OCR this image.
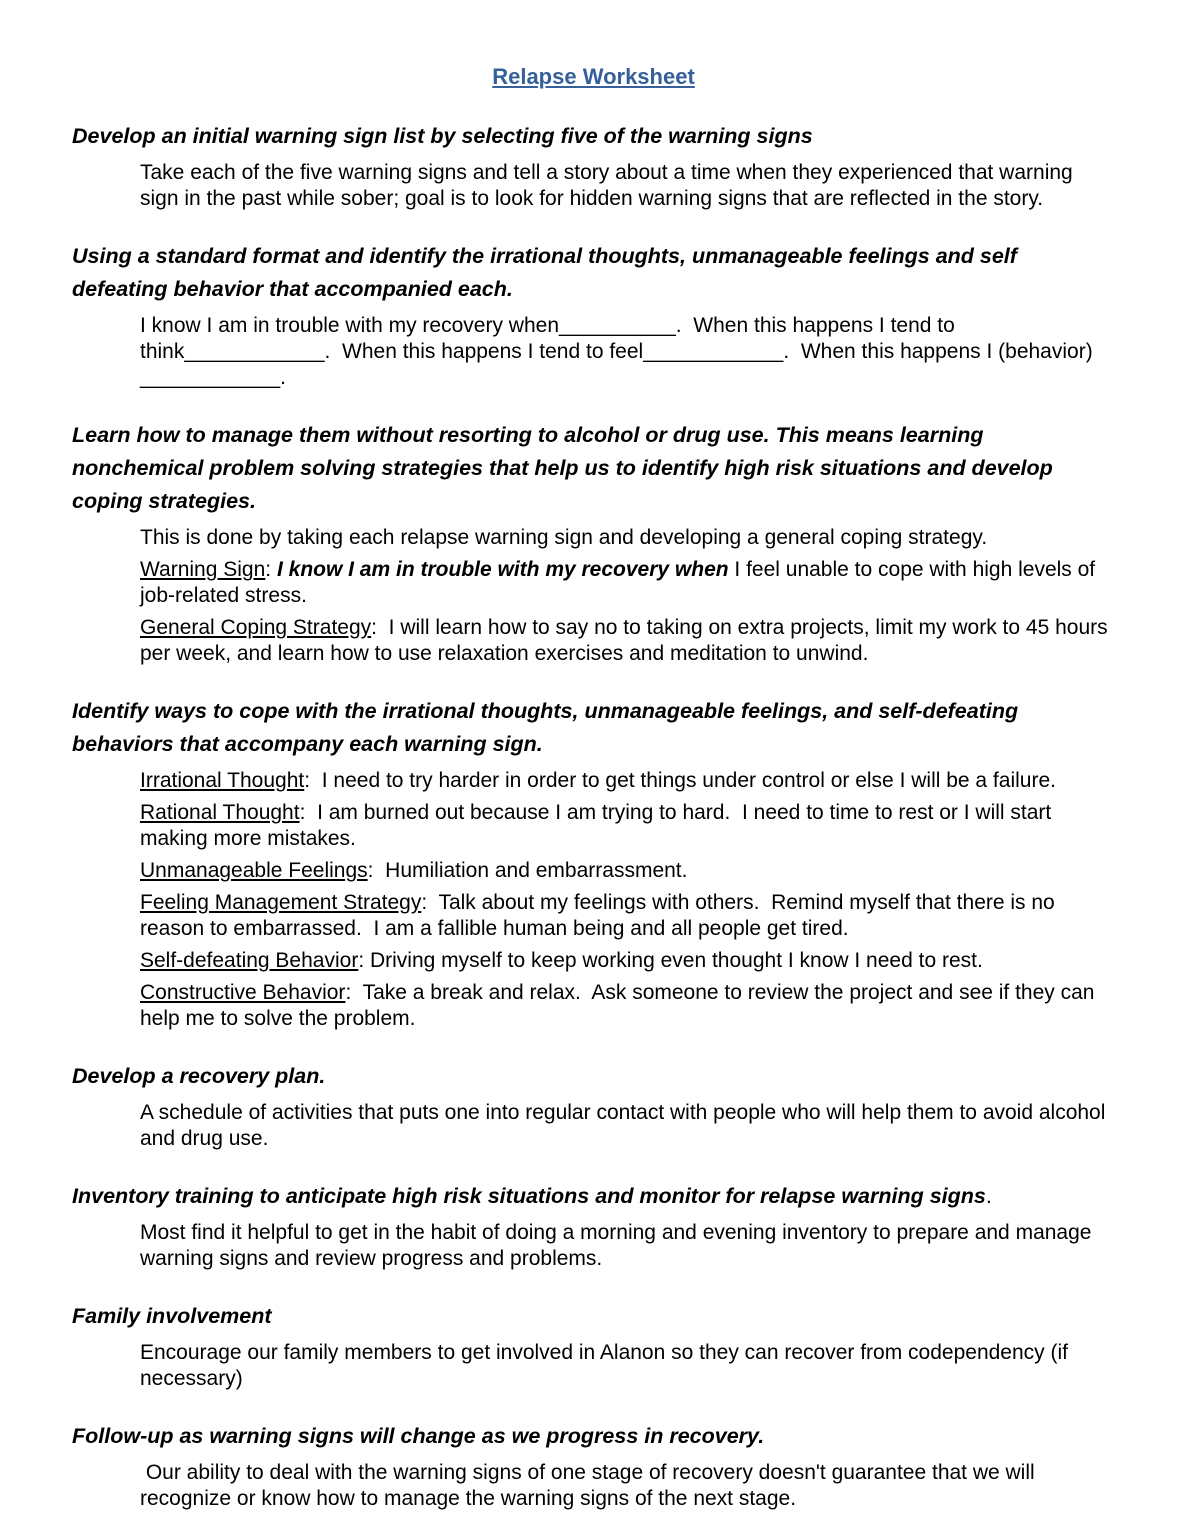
Relapse Worksheet
Develop an initial warning sign list by selecting five of the warning signs

Take each of the five warning signs and tell a story about a time when they experienced that warning sign in the past while sober; goal is to look for hidden warning signs that are reflected in the story.

Using a standard format and identify the irrational thoughts, unmanageable feelings and self defeating behavior that accompanied each.

I know I am in trouble with my recovery when__________.  When this happens I tend to think____________.  When this happens I tend to feel____________.  When this happens I (behavior) ____________.

Learn how to manage them without resorting to alcohol or drug use. This means learning nonchemical problem solving strategies that help us to identify high risk situations and develop coping strategies.

This is done by taking each relapse warning sign and developing a general coping strategy.

Warning Sign: I know I am in trouble with my recovery when I feel unable to cope with high levels of job-related stress.

General Coping Strategy:  I will learn how to say no to taking on extra projects, limit my work to 45 hours per week, and learn how to use relaxation exercises and meditation to unwind.

Identify ways to cope with the irrational thoughts, unmanageable feelings, and self-defeating behaviors that accompany each warning sign.

Irrational Thought:  I need to try harder in order to get things under control or else I will be a failure.

Rational Thought:  I am burned out because I am trying to hard.  I need to time to rest or I will start making more mistakes.

Unmanageable Feelings:  Humiliation and embarrassment.

Feeling Management Strategy:  Talk about my feelings with others.  Remind myself that there is no reason to embarrassed.  I am a fallible human being and all people get tired.

Self-defeating Behavior: Driving myself to keep working even thought I know I need to rest.

Constructive Behavior:  Take a break and relax.  Ask someone to review the project and see if they can help me to solve the problem.

Develop a recovery plan.

A schedule of activities that puts one into regular contact with people who will help them to avoid alcohol and drug use.

Inventory training to anticipate high risk situations and monitor for relapse warning signs.

Most find it helpful to get in the habit of doing a morning and evening inventory to prepare and manage warning signs and review progress and problems.

Family involvement

Encourage our family members to get involved in Alanon so they can recover from codependency (if necessary)

Follow-up as warning signs will change as we progress in recovery.

Our ability to deal with the warning signs of one stage of recovery doesn't guarantee that we will recognize or know how to manage the warning signs of the next stage.
